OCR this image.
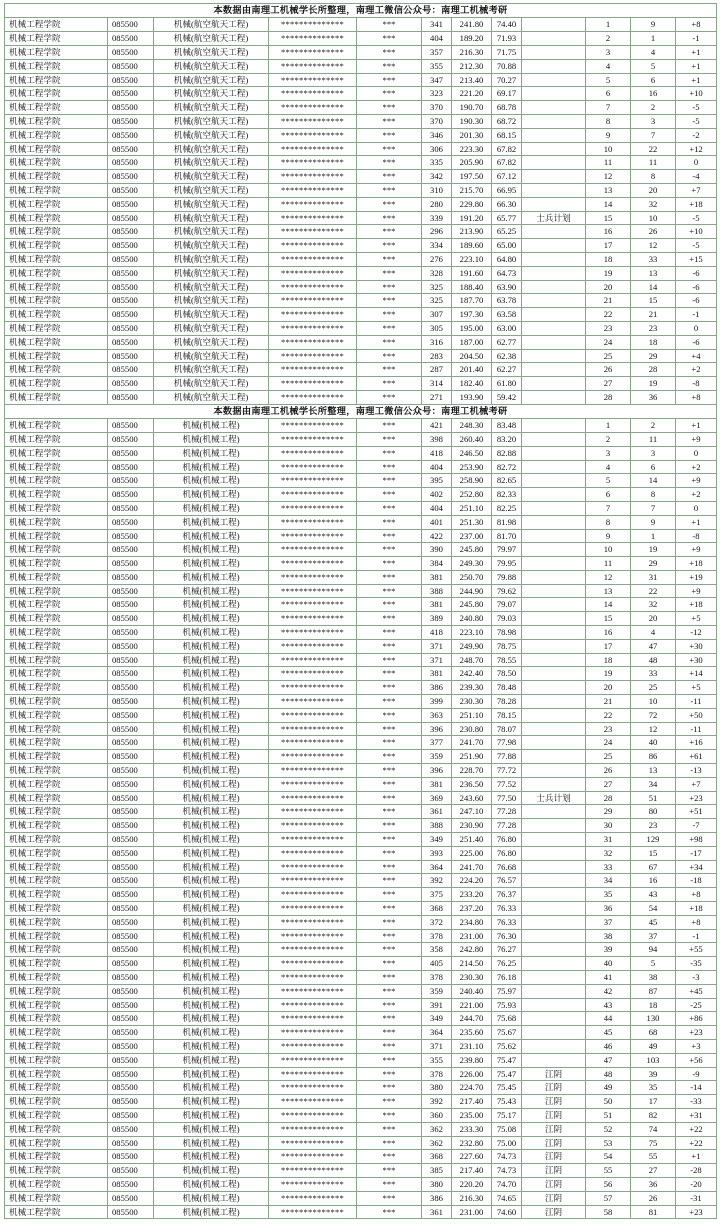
本数据由南理工机械学长所整理，南理工微信公众号：南理工机械考研											
机械工程学院	085500	机械(航空航天工程)	**************	***	341	241.80	74.40		1	9	+8
机械工程学院	085500	机械(航空航天工程)	**************	***	404	189.20	71.93		2	1	-1
机械工程学院	085500	机械(航空航天工程)	**************	***	357	216.30	71.75		3	4	+1
机械工程学院	085500	机械(航空航天工程)	**************	***	355	212.30	70.88		4	5	+1
机械工程学院	085500	机械(航空航天工程)	**************	***	347	213.40	70.27		5	6	+1
机械工程学院	085500	机械(航空航天工程)	**************	***	323	221.20	69.17		6	16	+10
机械工程学院	085500	机械(航空航天工程)	**************	***	370	190.70	68.78		7	2	-5
机械工程学院	085500	机械(航空航天工程)	**************	***	370	190.30	68.72		8	3	-5
机械工程学院	085500	机械(航空航天工程)	**************	***	346	201.30	68.15		9	7	-2
机械工程学院	085500	机械(航空航天工程)	**************	***	306	223.30	67.82		10	22	+12
机械工程学院	085500	机械(航空航天工程)	**************	***	335	205.90	67.82		11	11	0
机械工程学院	085500	机械(航空航天工程)	**************	***	342	197.50	67.12		12	8	-4
机械工程学院	085500	机械(航空航天工程)	**************	***	310	215.70	66.95		13	20	+7
机械工程学院	085500	机械(航空航天工程)	**************	***	280	229.80	66.30		14	32	+18
机械工程学院	085500	机械(航空航天工程)	**************	***	339	191.20	65.77	士兵计划	15	10	-5
机械工程学院	085500	机械(航空航天工程)	**************	***	296	213.90	65.25		16	26	+10
机械工程学院	085500	机械(航空航天工程)	**************	***	334	189.60	65.00		17	12	-5
机械工程学院	085500	机械(航空航天工程)	**************	***	276	223.10	64.80		18	33	+15
机械工程学院	085500	机械(航空航天工程)	**************	***	328	191.60	64.73		19	13	-6
机械工程学院	085500	机械(航空航天工程)	**************	***	325	188.40	63.90		20	14	-6
机械工程学院	085500	机械(航空航天工程)	**************	***	325	187.70	63.78		21	15	-6
机械工程学院	085500	机械(航空航天工程)	**************	***	307	197.30	63.58		22	21	-1
机械工程学院	085500	机械(航空航天工程)	**************	***	305	195.00	63.00		23	23	0
机械工程学院	085500	机械(航空航天工程)	**************	***	316	187.00	62.77		24	18	-6
机械工程学院	085500	机械(航空航天工程)	**************	***	283	204.50	62.38		25	29	+4
机械工程学院	085500	机械(航空航天工程)	**************	***	287	201.40	62.27		26	28	+2
机械工程学院	085500	机械(航空航天工程)	**************	***	314	182.40	61.80		27	19	-8
机械工程学院	085500	机械(航空航天工程)	**************	***	271	193.90	59.42		28	36	+8
本数据由南理工机械学长所整理，南理工微信公众号：南理工机械考研											
机械工程学院	085500	机械(机械工程)	**************	***	421	248.30	83.48		1	2	+1
机械工程学院	085500	机械(机械工程)	**************	***	398	260.40	83.20		2	11	+9
机械工程学院	085500	机械(机械工程)	**************	***	418	246.50	82.88		3	3	0
机械工程学院	085500	机械(机械工程)	**************	***	404	253.90	82.72		4	6	+2
机械工程学院	085500	机械(机械工程)	**************	***	395	258.90	82.65		5	14	+9
机械工程学院	085500	机械(机械工程)	**************	***	402	252.80	82.33		6	8	+2
机械工程学院	085500	机械(机械工程)	**************	***	404	251.10	82.25		7	7	0
机械工程学院	085500	机械(机械工程)	**************	***	401	251.30	81.98		8	9	+1
机械工程学院	085500	机械(机械工程)	**************	***	422	237.00	81.70		9	1	-8
机械工程学院	085500	机械(机械工程)	**************	***	390	245.80	79.97		10	19	+9
机械工程学院	085500	机械(机械工程)	**************	***	384	249.30	79.95		11	29	+18
机械工程学院	085500	机械(机械工程)	**************	***	381	250.70	79.88		12	31	+19
机械工程学院	085500	机械(机械工程)	**************	***	388	244.90	79.62		13	22	+9
机械工程学院	085500	机械(机械工程)	**************	***	381	245.80	79.07		14	32	+18
机械工程学院	085500	机械(机械工程)	**************	***	389	240.80	79.03		15	20	+5
机械工程学院	085500	机械(机械工程)	**************	***	418	223.10	78.98		16	4	-12
机械工程学院	085500	机械(机械工程)	**************	***	371	249.90	78.75		17	47	+30
机械工程学院	085500	机械(机械工程)	**************	***	371	248.70	78.55		18	48	+30
机械工程学院	085500	机械(机械工程)	**************	***	381	242.40	78.50		19	33	+14
机械工程学院	085500	机械(机械工程)	**************	***	386	239.30	78.48		20	25	+5
机械工程学院	085500	机械(机械工程)	**************	***	399	230.30	78.28		21	10	-11
机械工程学院	085500	机械(机械工程)	**************	***	363	251.10	78.15		22	72	+50
机械工程学院	085500	机械(机械工程)	**************	***	396	230.80	78.07		23	12	-11
机械工程学院	085500	机械(机械工程)	**************	***	377	241.70	77.98		24	40	+16
机械工程学院	085500	机械(机械工程)	**************	***	359	251.90	77.88		25	86	+61
机械工程学院	085500	机械(机械工程)	**************	***	396	228.70	77.72		26	13	-13
机械工程学院	085500	机械(机械工程)	**************	***	381	236.50	77.52		27	34	+7
机械工程学院	085500	机械(机械工程)	**************	***	369	243.60	77.50	士兵计划	28	51	+23
机械工程学院	085500	机械(机械工程)	**************	***	361	247.10	77.28		29	80	+51
机械工程学院	085500	机械(机械工程)	**************	***	388	230.90	77.28		30	23	-7
机械工程学院	085500	机械(机械工程)	**************	***	349	251.40	76.80		31	129	+98
机械工程学院	085500	机械(机械工程)	**************	***	393	225.00	76.80		32	15	-17
机械工程学院	085500	机械(机械工程)	**************	***	364	241.70	76.68		33	67	+34
机械工程学院	085500	机械(机械工程)	**************	***	392	224.20	76.57		34	16	-18
机械工程学院	085500	机械(机械工程)	**************	***	375	233.20	76.37		35	43	+8
机械工程学院	085500	机械(机械工程)	**************	***	368	237.20	76.33		36	54	+18
机械工程学院	085500	机械(机械工程)	**************	***	372	234.80	76.33		37	45	+8
机械工程学院	085500	机械(机械工程)	**************	***	378	231.00	76.30		38	37	-1
机械工程学院	085500	机械(机械工程)	**************	***	358	242.80	76.27		39	94	+55
机械工程学院	085500	机械(机械工程)	**************	***	405	214.50	76.25		40	5	-35
机械工程学院	085500	机械(机械工程)	**************	***	378	230.30	76.18		41	38	-3
机械工程学院	085500	机械(机械工程)	**************	***	359	240.40	75.97		42	87	+45
机械工程学院	085500	机械(机械工程)	**************	***	391	221.00	75.93		43	18	-25
机械工程学院	085500	机械(机械工程)	**************	***	349	244.70	75.68		44	130	+86
机械工程学院	085500	机械(机械工程)	**************	***	364	235.60	75.67		45	68	+23
机械工程学院	085500	机械(机械工程)	**************	***	371	231.10	75.62		46	49	+3
机械工程学院	085500	机械(机械工程)	**************	***	355	239.80	75.47		47	103	+56
机械工程学院	085500	机械(机械工程)	**************	***	378	226.00	75.47	江阴	48	39	-9
机械工程学院	085500	机械(机械工程)	**************	***	380	224.70	75.45	江阴	49	35	-14
机械工程学院	085500	机械(机械工程)	**************	***	392	217.40	75.43	江阴	50	17	-33
机械工程学院	085500	机械(机械工程)	**************	***	360	235.00	75.17	江阴	51	82	+31
机械工程学院	085500	机械(机械工程)	**************	***	362	233.30	75.08	江阴	52	74	+22
机械工程学院	085500	机械(机械工程)	**************	***	362	232.80	75.00	江阴	53	75	+22
机械工程学院	085500	机械(机械工程)	**************	***	368	227.60	74.73	江阴	54	55	+1
机械工程学院	085500	机械(机械工程)	**************	***	385	217.40	74.73	江阴	55	27	-28
机械工程学院	085500	机械(机械工程)	**************	***	380	220.20	74.70	江阴	56	36	-20
机械工程学院	085500	机械(机械工程)	**************	***	386	216.30	74.65	江阴	57	26	-31
机械工程学院	085500	机械(机械工程)	**************	***	361	231.00	74.60	江阴	58	81	+23
